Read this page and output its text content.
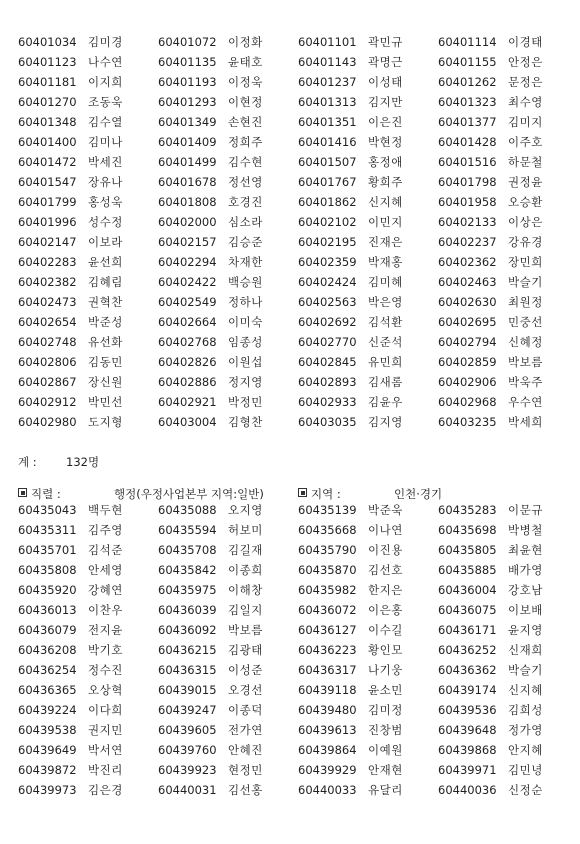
60401034 김미경	60401072 이정화	60401101 곽민규	60401114 이경태
60401123 나수연	60401135 윤태호	60401143 곽명근	60401155 안정은
60401181 이지희	60401193 이정욱	60401237 이성태	60401262 문정은
60401270 조동욱	60401293 이현정	60401313 김지만	60401323 최수영
60401348 김수열	60401349 손현진	60401351 이은진	60401377 김미지
60401400 김미나	60401409 정희주	60401416 박현정	60401428 이주호
60401472 박세진	60401499 김수현	60401507 홍정애	60401516 하문철
60401547 장유나	60401678 정선영	60401767 황희주	60401798 권정윤
60401799 홍성욱	60401808 호경진	60401862 신지혜	60401958 오승환
60401996 성수정	60402000 심소라	60402102 이민지	60402133 이상은
60402147 이보라	60402157 김승준	60402195 진재은	60402237 강유경
60402283 윤선희	60402294 차재한	60402359 박재홍	60402362 장민희
60402382 김혜림	60402422 백승원	60402424 김미혜	60402463 박슬기
60402473 권혁찬	60402549 정하나	60402563 박은영	60402630 최원정
60402654 박준성	60402664 이미숙	60402692 김석환	60402695 민중선
60402748 유선화	60402768 임종성	60402770 신준석	60402794 신혜정
60402806 김동민	60402826 이원섭	60402845 유민희	60402859 박보름
60402867 장신원	60402886 정지영	60402893 김새롬	60402906 박욱주
60402912 박민선	60402921 박정민	60402933 김윤우	60402968 우수연
60402980 도지형	60403004 김형찬	60403035 김지영	60403235 박세희
계 :	132명
직렬 :	행정(우정사업본부 지역:일반)	지역 :	인천·경기
60435043 백두현	60435088 오지영	60435139 박준욱	60435283 이문규
60435311 김주영	60435594 허보미	60435668 이나연	60435698 박병철
60435701 김석준	60435708 김길재	60435790 이진용	60435805 최윤현
60435808 안세영	60435842 이종희	60435870 김선호	60435885 배가영
60435920 강혜연	60435975 이해창	60435982 한지은	60436004 강호남
60436013 이찬우	60436039 김일지	60436072 이은홍	60436075 이보배
60436079 전지윤	60436092 박보름	60436127 이수길	60436171 윤지영
60436208 박기호	60436215 김광태	60436223 황인모	60436252 신재희
60436254 정수진	60436315 이성준	60436317 나기웅	60436362 박슬기
60436365 오상혁	60439015 오경선	60439118 윤소민	60439174 신지혜
60439224 이다희	60439247 이종덕	60439480 김미정	60439536 김희성
60439538 권지민	60439605 전가연	60439613 진창범	60439648 정가영
60439649 박서연	60439760 안혜진	60439864 이예원	60439868 안지혜
60439872 박진리	60439923 현정민	60439929 안재현	60439971 김민녕
60439973 김은경	60440031 김선홍	60440033 유달리	60440036 신정순
